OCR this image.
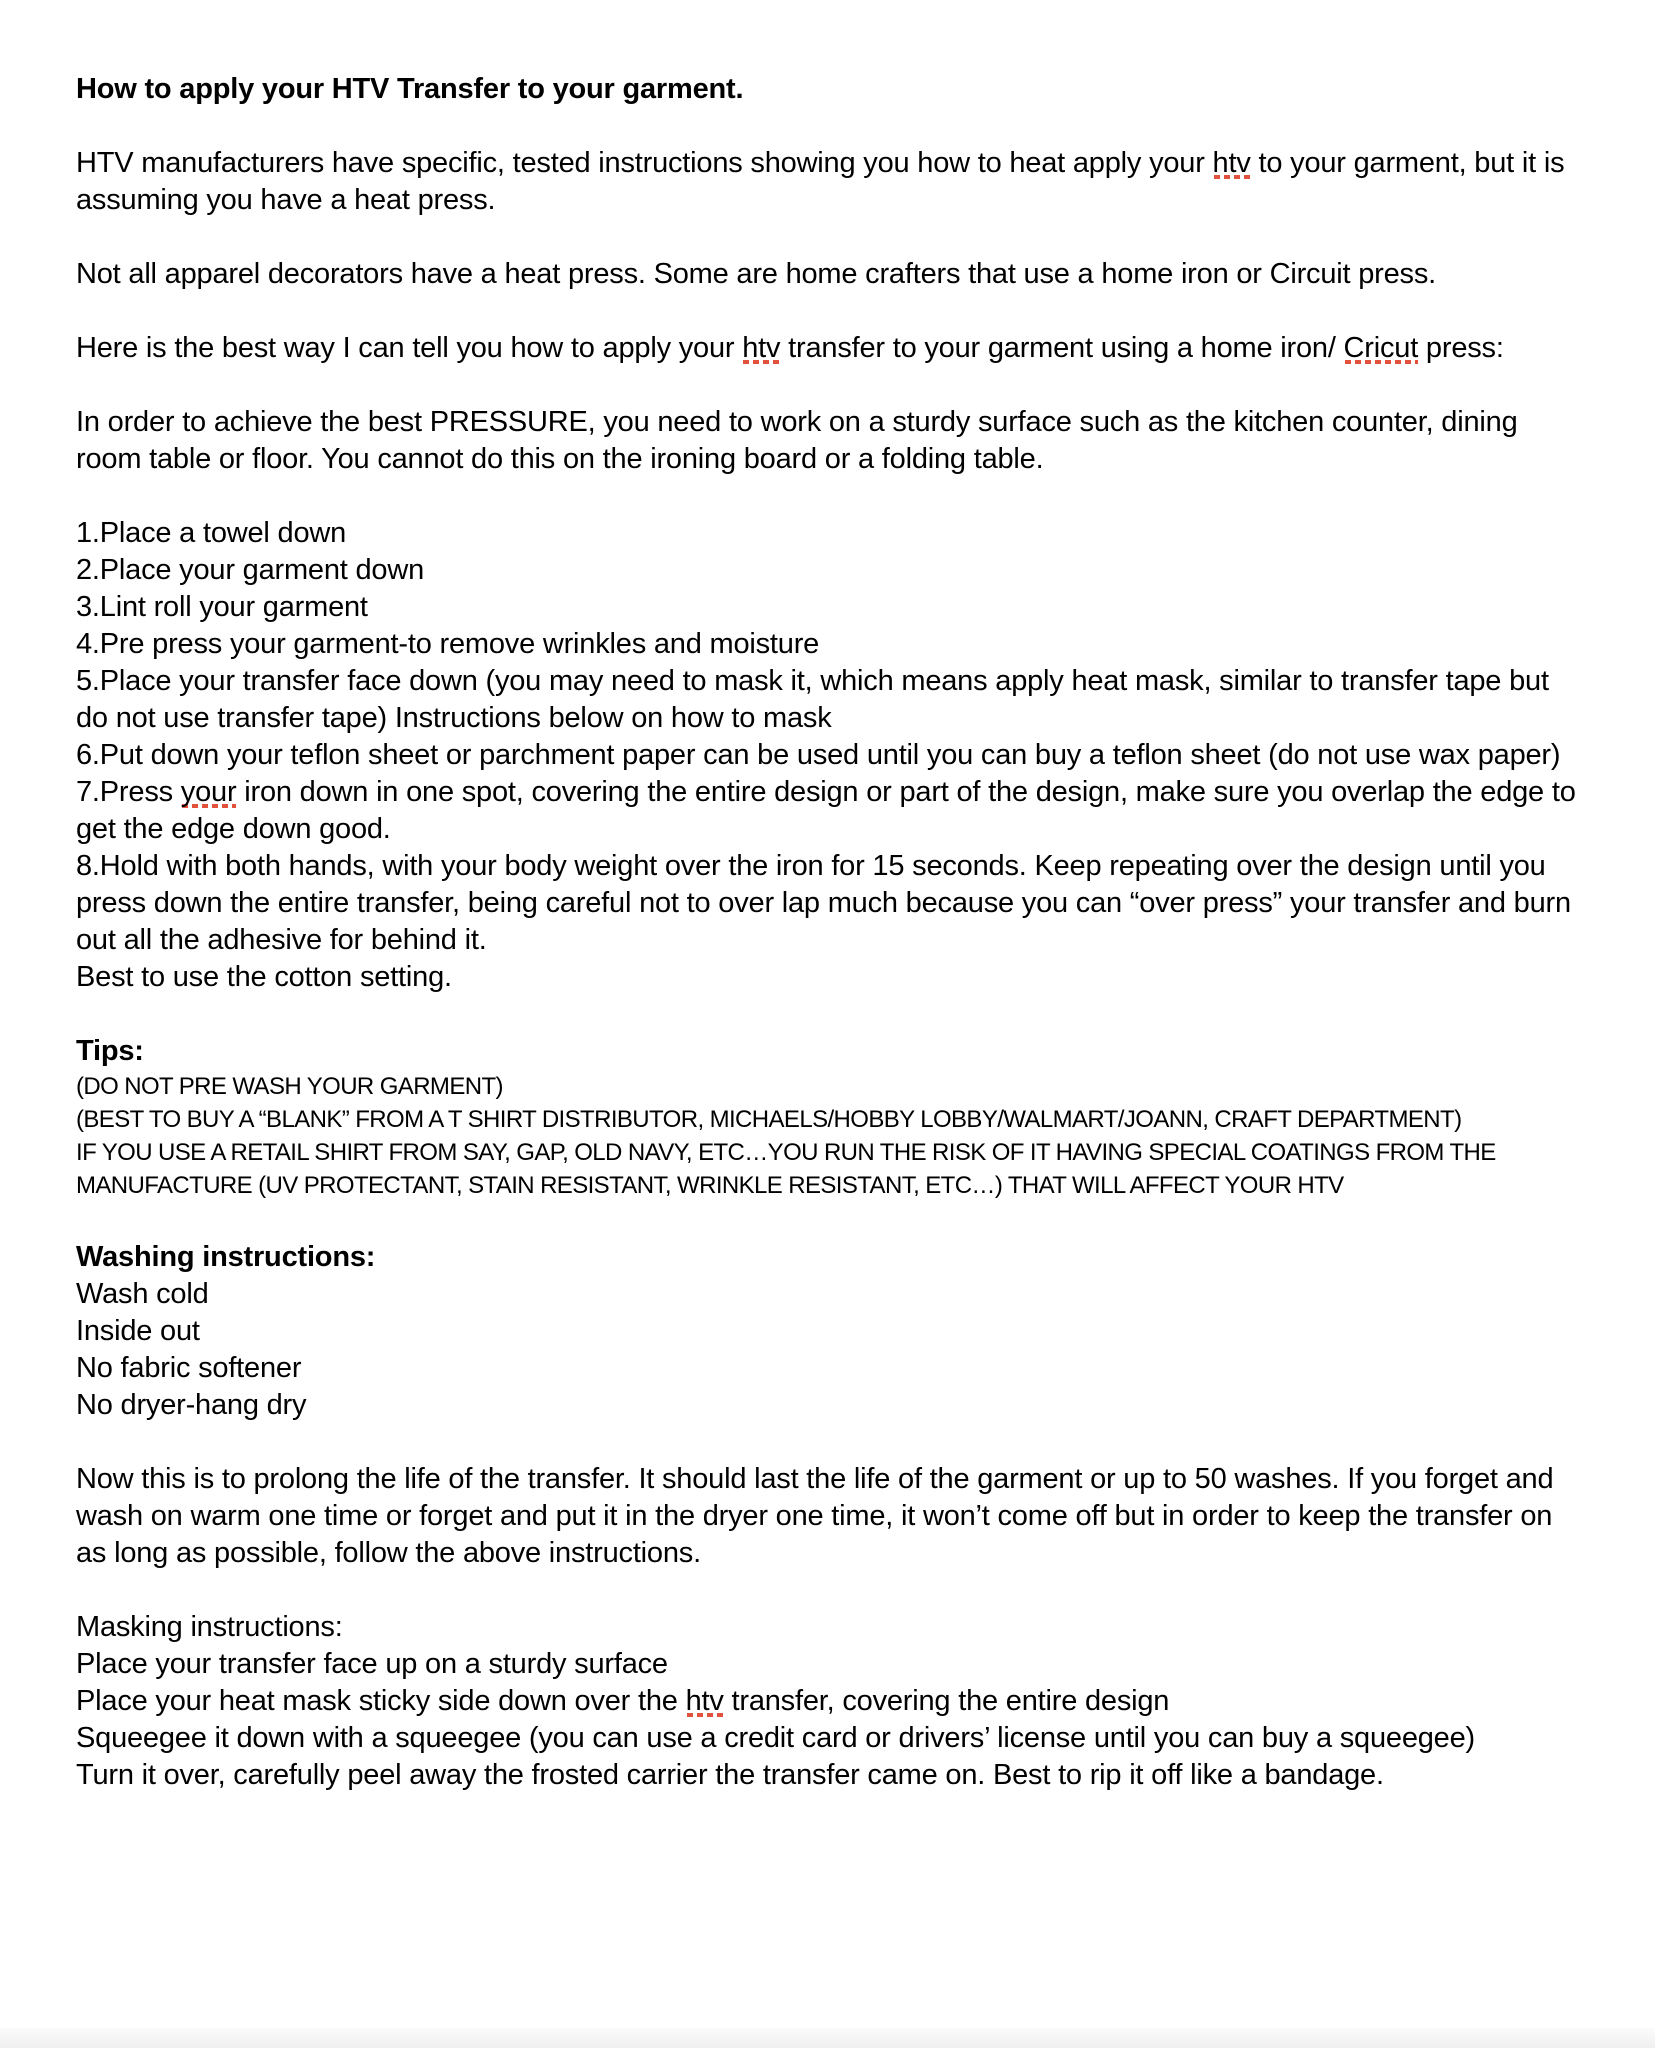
How to apply your HTV Transfer to your garment.

HTV manufacturers have specific, tested instructions showing you how to heat apply your htv to your garment, but it is assuming you have a heat press.

Not all apparel decorators have a heat press. Some are home crafters that use a home iron or Circuit press.

Here is the best way I can tell you how to apply your htv transfer to your garment using a home iron/ Cricut press:

In order to achieve the best PRESSURE, you need to work on a sturdy surface such as the kitchen counter, dining room table or floor. You cannot do this on the ironing board or a folding table.

1.Place a towel down
2.Place your garment down
3.Lint roll your garment
4.Pre press your garment-to remove wrinkles and moisture
5.Place your transfer face down (you may need to mask it, which means apply heat mask, similar to transfer tape but do not use transfer tape) Instructions below on how to mask
6.Put down your teflon sheet or parchment paper can be used until you can buy a teflon sheet (do not use wax paper)
7.Press your iron down in one spot, covering the entire design or part of the design, make sure you overlap the edge to get the edge down good.
8.Hold with both hands, with your body weight over the iron for 15 seconds. Keep repeating over the design until you press down the entire transfer, being careful not to over lap much because you can “over press” your transfer and burn out all the adhesive for behind it.
Best to use the cotton setting.
Tips:
(DO NOT PRE WASH YOUR GARMENT)
(BEST TO BUY A “BLANK” FROM A T SHIRT DISTRIBUTOR, MICHAELS/HOBBY LOBBY/WALMART/JOANN, CRAFT DEPARTMENT)
IF YOU USE A RETAIL SHIRT FROM SAY, GAP, OLD NAVY, ETC…YOU RUN THE RISK OF IT HAVING SPECIAL COATINGS FROM THE MANUFACTURE (UV PROTECTANT, STAIN RESISTANT, WRINKLE RESISTANT, ETC…) THAT WILL AFFECT YOUR HTV
Washing instructions:
Wash cold
Inside out
No fabric softener
No dryer-hang dry

Now this is to prolong the life of the transfer. It should last the life of the garment or up to 50 washes. If you forget and wash on warm one time or forget and put it in the dryer one time, it won’t come off but in order to keep the transfer on as long as possible, follow the above instructions.

Masking instructions:
Place your transfer face up on a sturdy surface
Place your heat mask sticky side down over the htv transfer, covering the entire design
Squeegee it down with a squeegee (you can use a credit card or drivers’ license until you can buy a squeegee)
Turn it over, carefully peel away the frosted carrier the transfer came on. Best to rip it off like a bandage.
